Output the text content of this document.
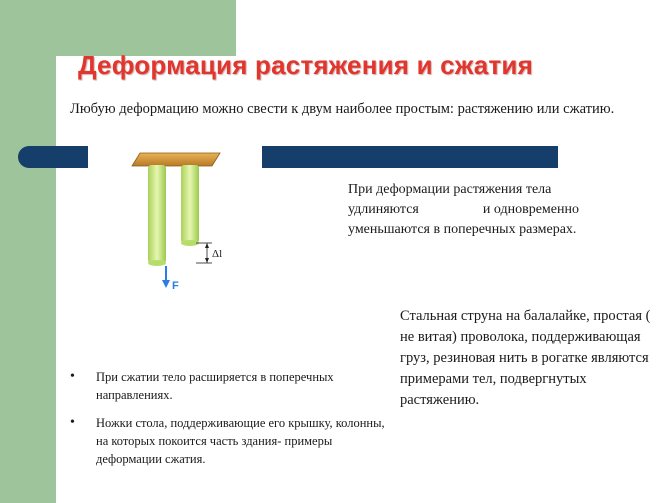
Деформация растяжения и сжатия

Любую деформацию можно свести к двум наиболее простым: растяжению или сжатию.

Δl
F

При деформации растяжения тела удлиняются	и одновременно уменьшаются в поперечных размерах.

Стальная струна на балалайке, простая ( не витая) проволока, поддерживающая груз, резиновая нить в рогатке являются примерами тел, подвергнутых растяжению.

• При сжатии тело расширяется в поперечных направлениях.
• Ножки стола, поддерживающие его крышку, колонны, на которых покоится часть здания- примеры деформации сжатия.
